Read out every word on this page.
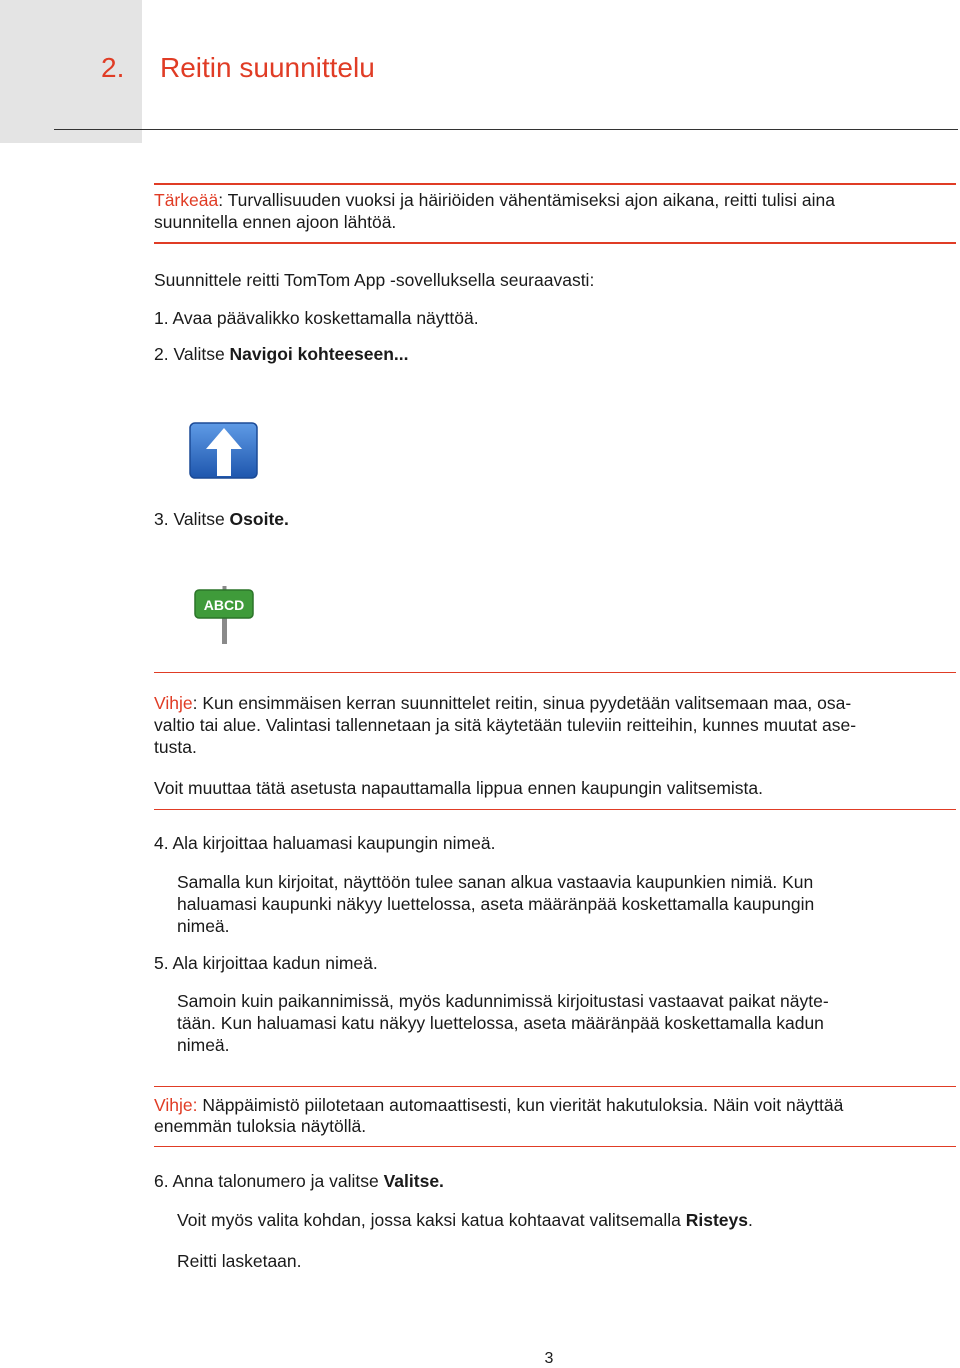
2. Reitin suunnittelu

Tärkeää: Turvallisuuden vuoksi ja häiriöiden vähentämiseksi ajon aikana, reitti tulisi aina

suunnitella ennen ajoon lähtöä.

Suunnittele reitti TomTom App -sovelluksella seuraavasti:

1. Avaa päävalikko koskettamalla näyttöä.

2. Valitse Navigoi kohteeseen...

3. Valitse Osoite.

ABCD

Vihje: Kun ensimmäisen kerran suunnittelet reitin, sinua pyydetään valitsemaan maa, osa-

valtio tai alue. Valintasi tallennetaan ja sitä käytetään tuleviin reitteihin, kunnes muutat ase-

tusta.

Voit muuttaa tätä asetusta napauttamalla lippua ennen kaupungin valitsemista.

4. Ala kirjoittaa haluamasi kaupungin nimeä.

Samalla kun kirjoitat, näyttöön tulee sanan alkua vastaavia kaupunkien nimiä. Kun

haluamasi kaupunki näkyy luettelossa, aseta määränpää koskettamalla kaupungin

nimeä.

5. Ala kirjoittaa kadun nimeä.

Samoin kuin paikannimissä, myös kadunnimissä kirjoitustasi vastaavat paikat näyte-

tään. Kun haluamasi katu näkyy luettelossa, aseta määränpää koskettamalla kadun

nimeä.

Vihje: Näppäimistö piilotetaan automaattisesti, kun vierität hakutuloksia. Näin voit näyttää

enemmän tuloksia näytöllä.

6. Anna talonumero ja valitse Valitse.

Voit myös valita kohdan, jossa kaksi katua kohtaavat valitsemalla Risteys.

Reitti lasketaan.

3
